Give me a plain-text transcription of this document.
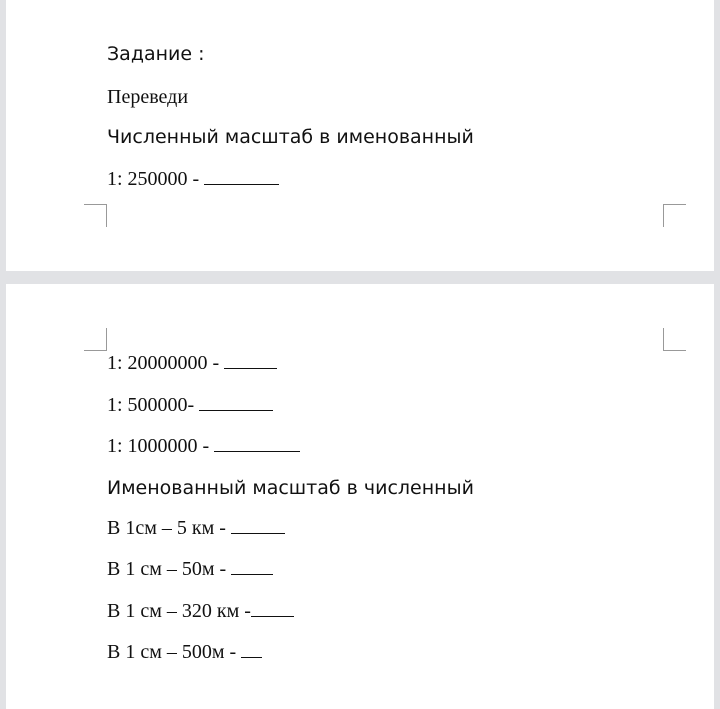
Задание :
Переведи
Численный масштаб в именованный
1: 250000 -
1: 20000000 -
1: 500000-
1: 1000000 -
Именованный масштаб в численный
В 1см – 5 км -
В 1 см – 50м -
В 1 см – 320 км -
В 1 см – 500м -
